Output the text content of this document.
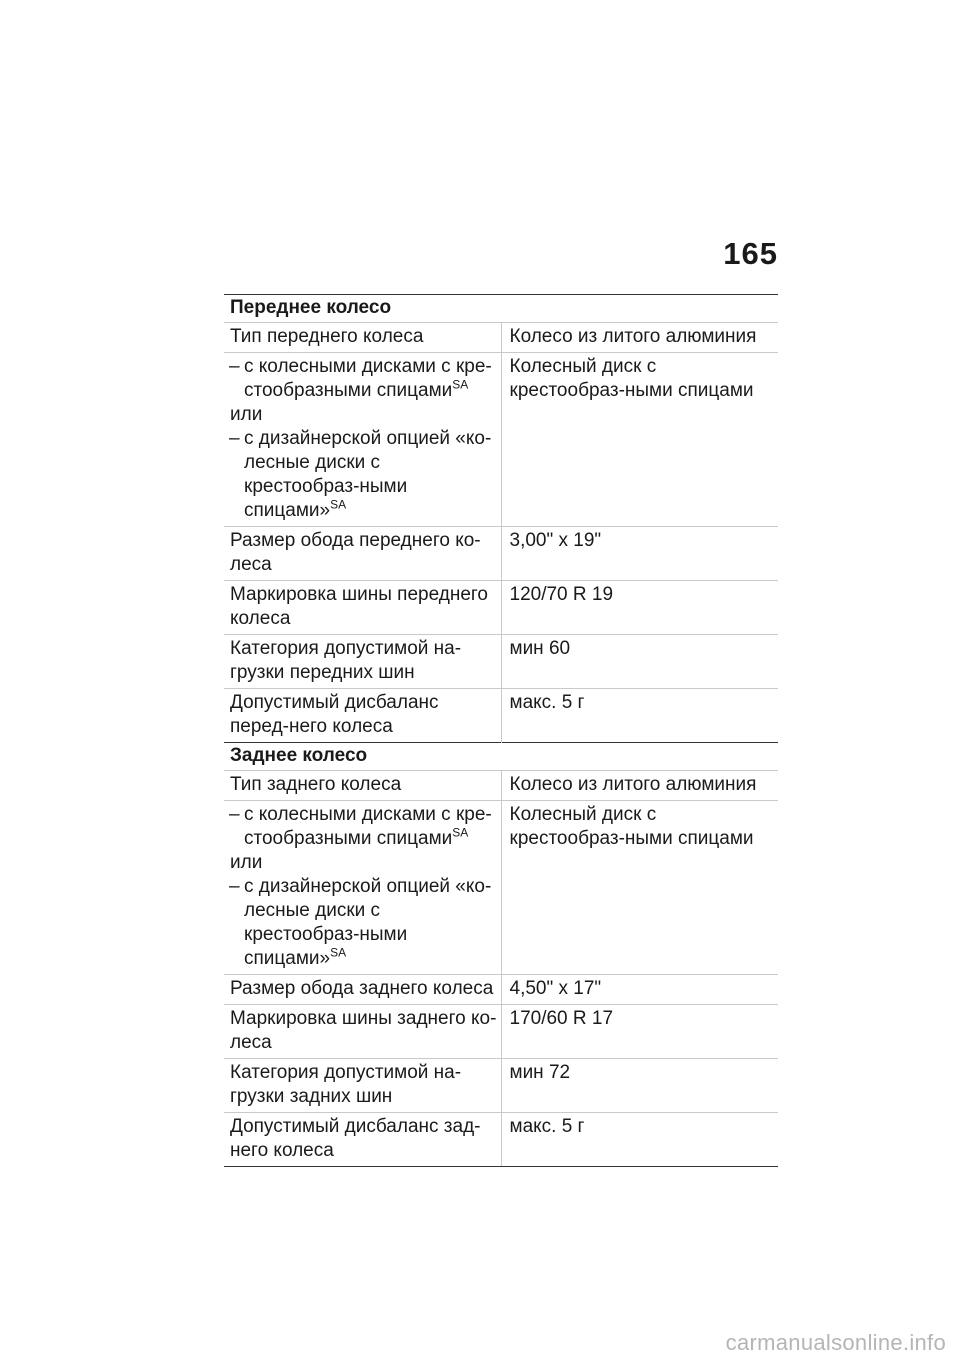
165
Переднее колесо	
Тип переднего колеса	Колесо из литого алюминия

– с колесными дисками с кре-стообразными спицами$^{SA}$
или
– с дизайнерской опцией «ко-лесные диски с крестообраз-ными спицами»$^{SA}$	Колесный диск с крестообраз-ными спицами
Размер обода переднего ко-леса	3,00" x 19"
Маркировка шины переднего колеса	120/70 R 19
Категория допустимой на-грузки передних шин	мин 60
Допустимый дисбаланс перед-него колеса	макс. 5 г
Заднее колесо	
Тип заднего колеса	Колесо из литого алюминия

– с колесными дисками с кре-стообразными спицами$^{SA}$
или
– с дизайнерской опцией «ко-лесные диски с крестообраз-ными спицами»$^{SA}$	Колесный диск с крестообраз-ными спицами
Размер обода заднего колеса	4,50" x 17"
Маркировка шины заднего ко-леса	170/60 R 17
Категория допустимой на-грузки задних шин	мин 72
Допустимый дисбаланс зад-него колеса	макс. 5 г
carmanualsonline.info
